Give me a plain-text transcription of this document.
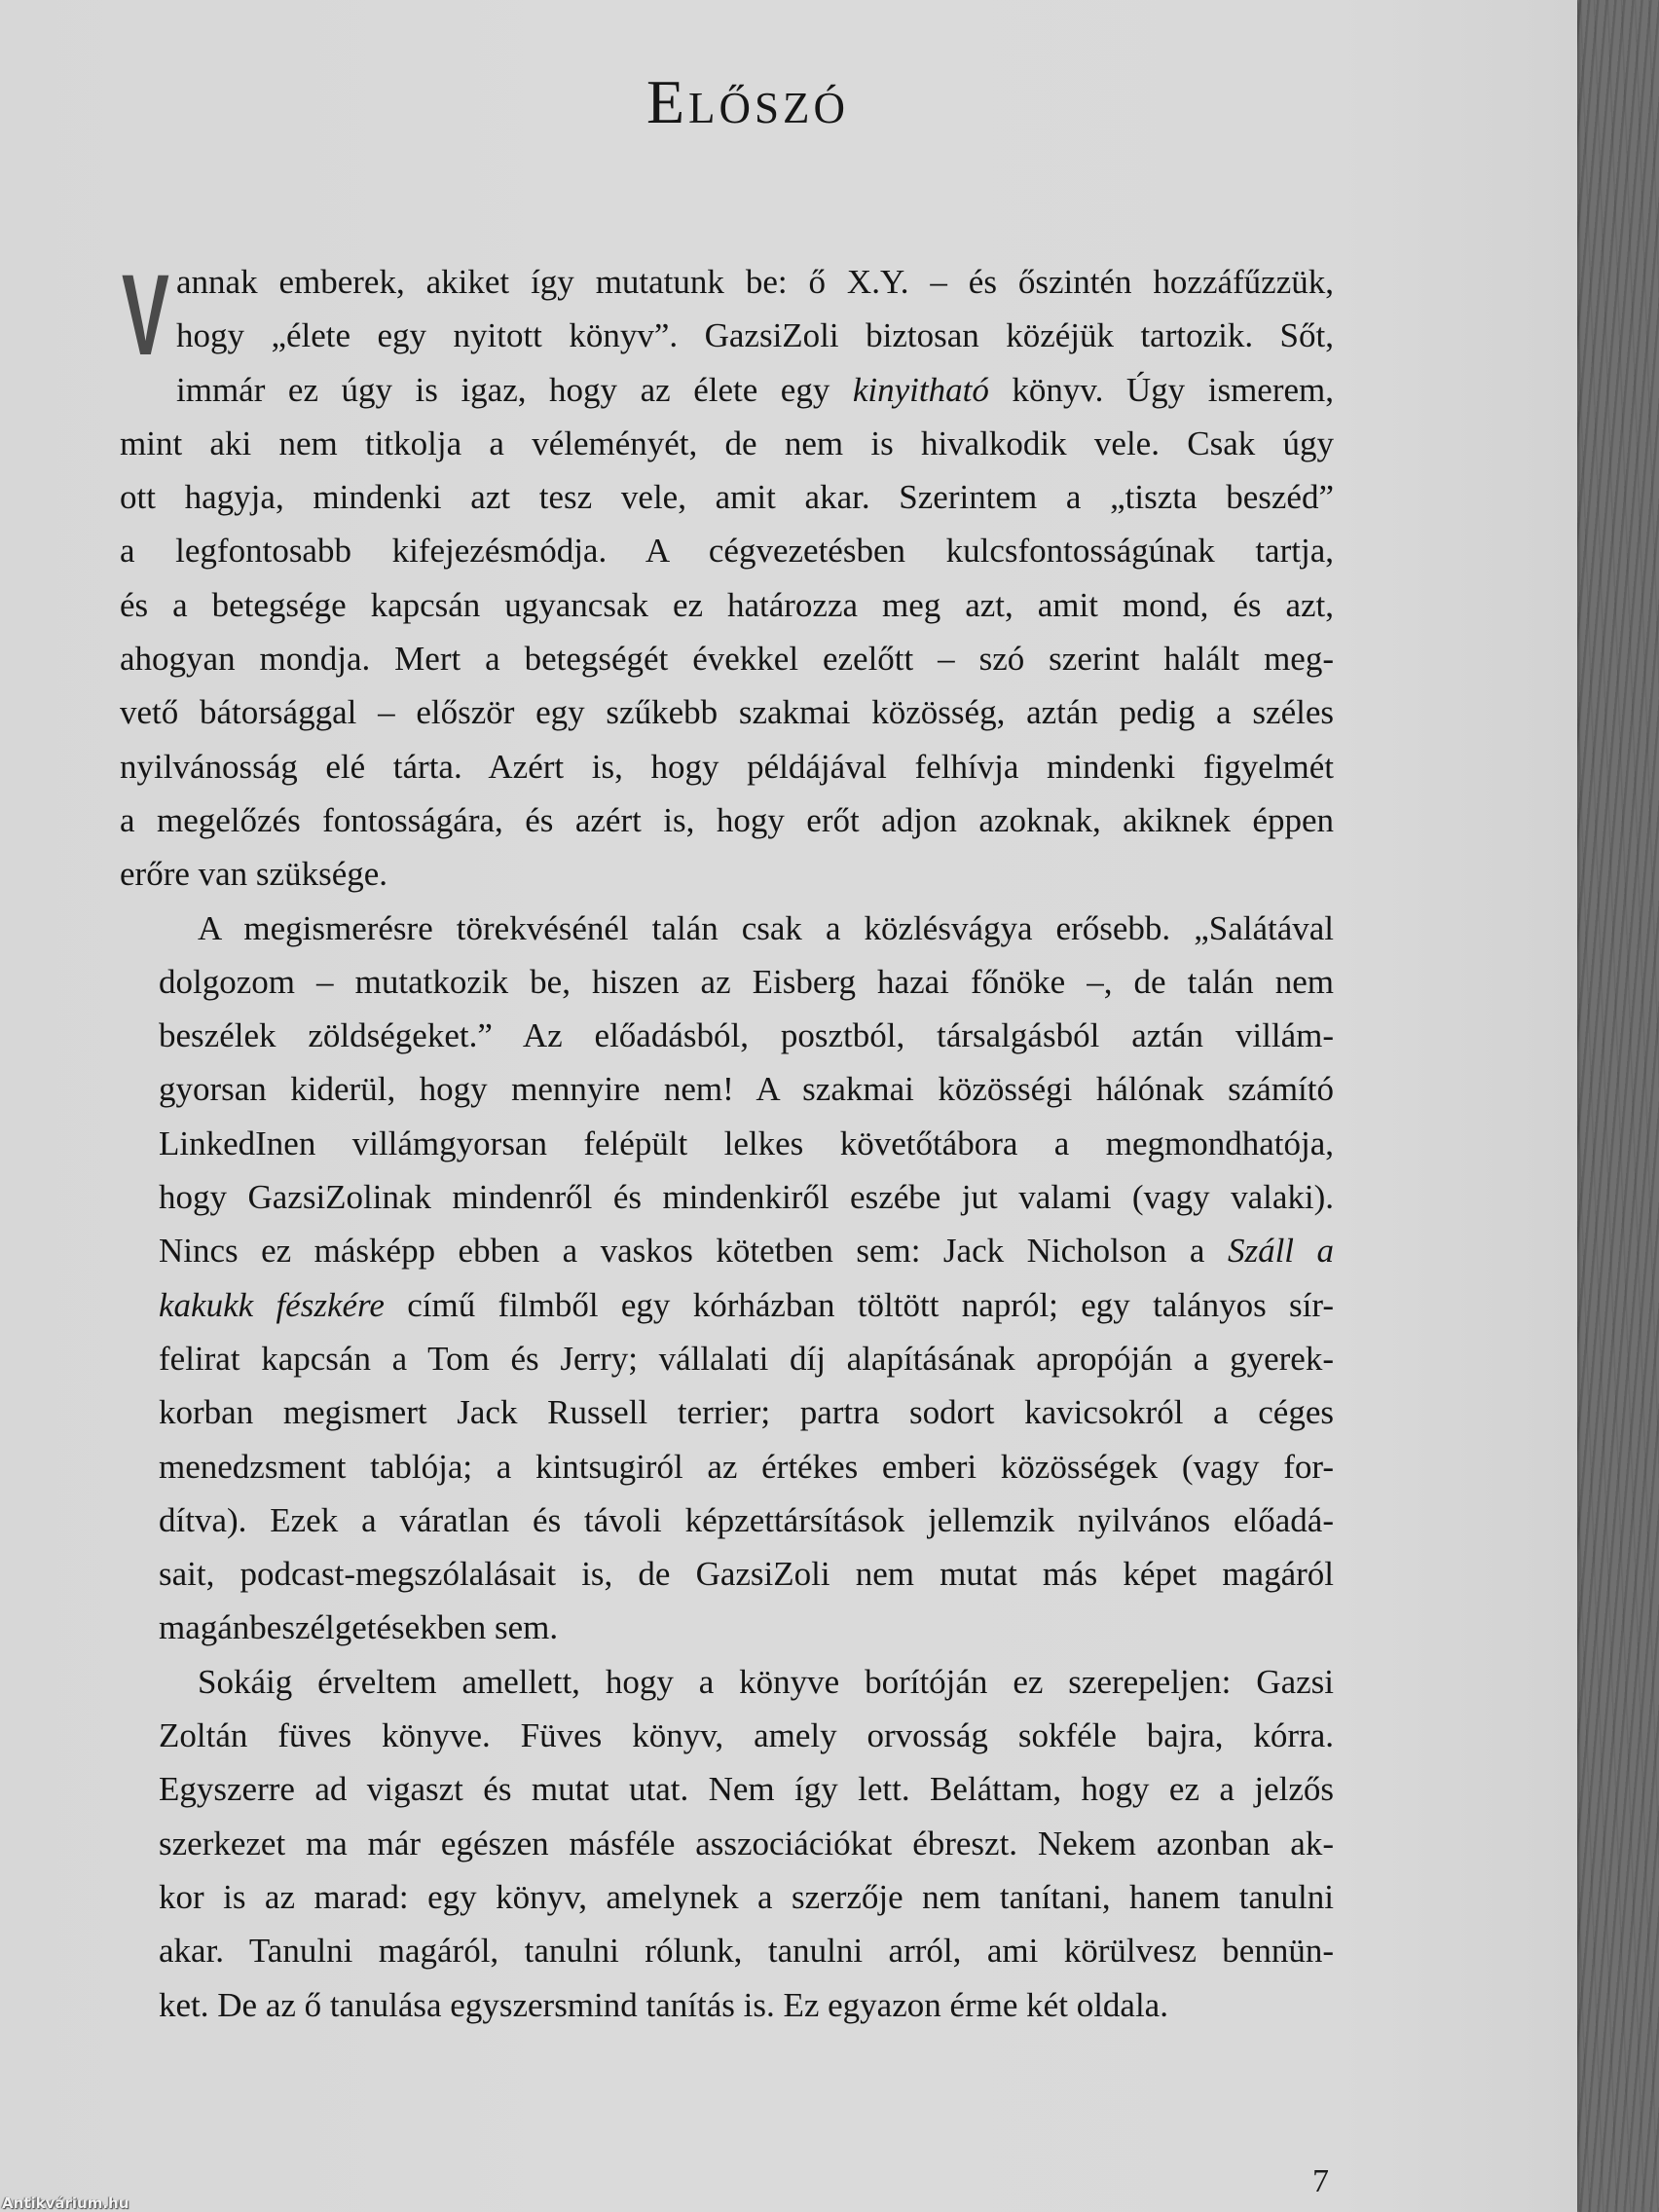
Előszó

V annak emberek, akiket így mutatunk be: ő X.Y. – és őszintén hozzáfűzzük,
hogy „élete egy nyitott könyv”. GazsiZoli biztosan közéjük tartozik. Sőt,
immár ez úgy is igaz, hogy az élete egy kinyitható könyv. Úgy ismerem,
mint aki nem titkolja a véleményét, de nem is hivalkodik vele. Csak úgy
ott hagyja, mindenki azt tesz vele, amit akar. Szerintem a „tiszta beszéd”
a legfontosabb kifejezésmódja. A cégvezetésben kulcsfontosságúnak tartja,
és a betegsége kapcsán ugyancsak ez határozza meg azt, amit mond, és azt,
ahogyan mondja. Mert a betegségét évekkel ezelőtt – szó szerint halált meg-
vető bátorsággal – először egy szűkebb szakmai közösség, aztán pedig a széles
nyilvánosság elé tárta. Azért is, hogy példájával felhívja mindenki figyelmét
a megelőzés fontosságára, és azért is, hogy erőt adjon azoknak, akiknek éppen
erőre van szüksége.

A megismerésre törekvésénél talán csak a közlésvágya erősebb. „Salátával
dolgozom – mutatkozik be, hiszen az Eisberg hazai főnöke –, de talán nem
beszélek zöldségeket.” Az előadásból, posztból, társalgásból aztán villám-
gyorsan kiderül, hogy mennyire nem! A szakmai közösségi hálónak számító
LinkedInen villámgyorsan felépült lelkes követőtábora a megmondhatója,
hogy GazsiZolinak mindenről és mindenkiről eszébe jut valami (vagy valaki).
Nincs ez másképp ebben a vaskos kötetben sem: Jack Nicholson a Száll a
kakukk fészkére című filmből egy kórházban töltött napról; egy talányos sír-
felirat kapcsán a Tom és Jerry; vállalati díj alapításának apropóján a gyerek-
korban megismert Jack Russell terrier; partra sodort kavicsokról a céges
menedzsment tablója; a kintsugiról az értékes emberi közösségek (vagy for-
dítva). Ezek a váratlan és távoli képzettársítások jellemzik nyilvános előadá-
sait, podcast-megszólalásait is, de GazsiZoli nem mutat más képet magáról
magánbeszélgetésekben sem.

Sokáig érveltem amellett, hogy a könyve borítóján ez szerepeljen: Gazsi
Zoltán füves könyve. Füves könyv, amely orvosság sokféle bajra, kórra.
Egyszerre ad vigaszt és mutat utat. Nem így lett. Beláttam, hogy ez a jelzős
szerkezet ma már egészen másféle asszociációkat ébreszt. Nekem azonban ak-
kor is az marad: egy könyv, amelynek a szerzője nem tanítani, hanem tanulni
akar. Tanulni magáról, tanulni rólunk, tanulni arról, ami körülvesz bennün-
ket. De az ő tanulása egyszersmind tanítás is. Ez egyazon érme két oldala.

7
Antikvárium.hu
